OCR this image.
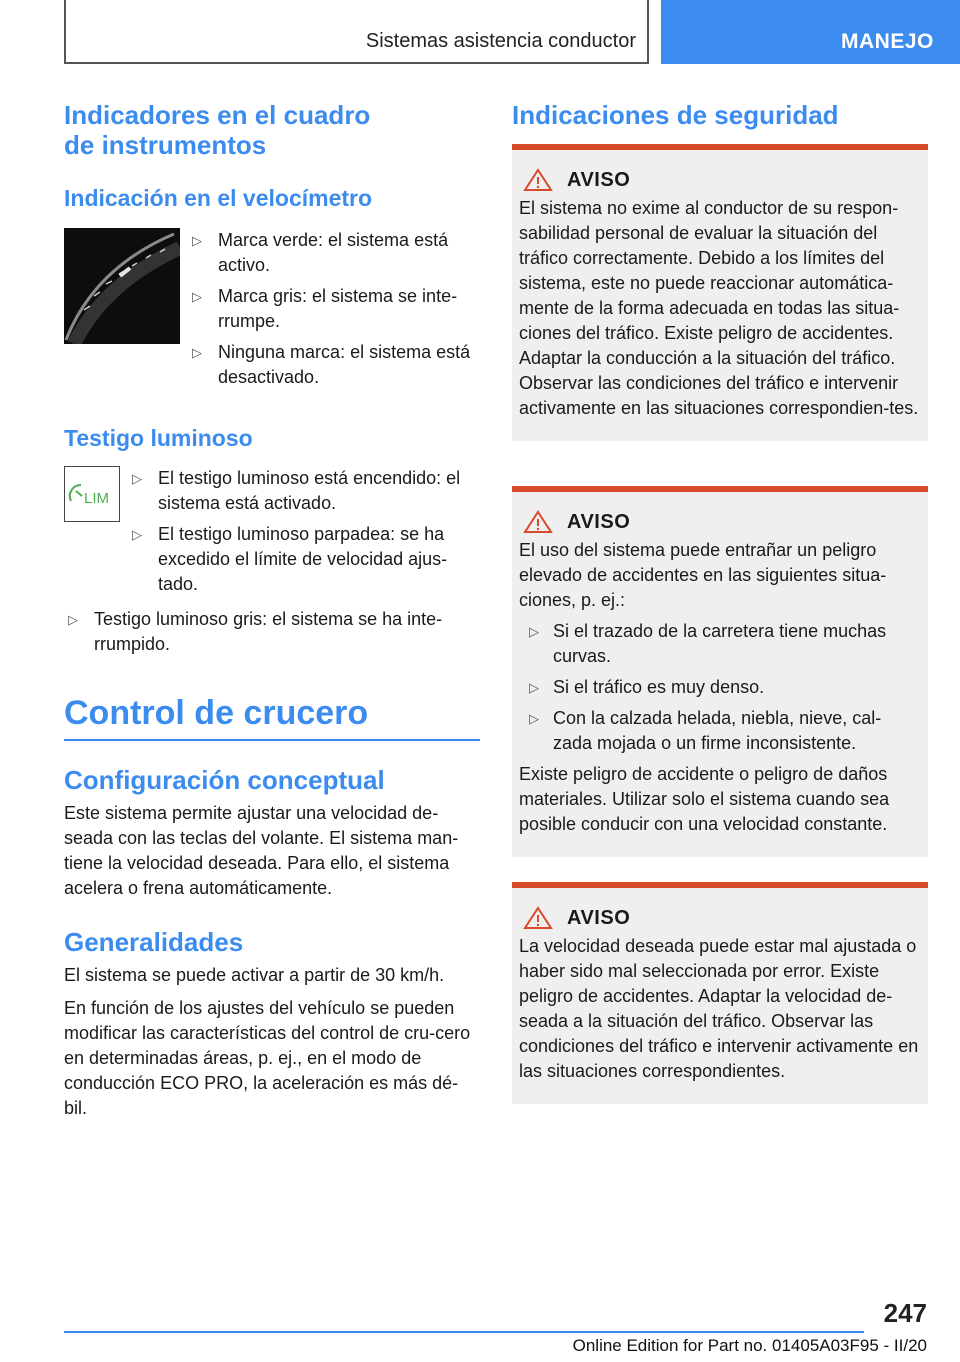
Sistemas asistencia conductor	MANEJO
Indicadores en el cuadro de instrumentos
Indicación en el velocímetro
▷ Marca verde: el sistema está activo.
▷ Marca gris: el sistema se inte‐rrumpe.
▷ Ninguna marca: el sistema está desactivado.
Testigo luminoso
LIM
▷ El testigo luminoso está encendido: el sistema está activado.
▷ El testigo luminoso parpadea: se ha excedido el límite de velocidad ajus‐tado.
▷ Testigo luminoso gris: el sistema se ha inte‐rrumpido.
Control de crucero
Configuración conceptual
Este sistema permite ajustar una velocidad de‐seada con las teclas del volante. El sistema man‐tiene la velocidad deseada. Para ello, el sistema acelera o frena automáticamente.
Generalidades
El sistema se puede activar a partir de 30 km/h.
En función de los ajustes del vehículo se pueden modificar las características del control de cru‐cero en determinadas áreas, p. ej., en el modo de conducción ECO PRO, la aceleración es más dé‐bil.
Indicaciones de seguridad
AVISO
El sistema no exime al conductor de su respon‐sabilidad personal de evaluar la situación del tráfico correctamente. Debido a los límites del sistema, este no puede reaccionar automática‐mente de la forma adecuada en todas las situa‐ciones del tráfico. Existe peligro de accidentes. Adaptar la conducción a la situación del tráfico. Observar las condiciones del tráfico e intervenir activamente en las situaciones correspondien‐tes.
AVISO
El uso del sistema puede entrañar un peligro elevado de accidentes en las siguientes situa‐ciones, p. ej.:
▷ Si el trazado de la carretera tiene muchas curvas.
▷ Si el tráfico es muy denso.
▷ Con la calzada helada, niebla, nieve, cal‐zada mojada o un firme inconsistente.
Existe peligro de accidente o peligro de daños materiales. Utilizar solo el sistema cuando sea posible conducir con una velocidad constante.
AVISO
La velocidad deseada puede estar mal ajustada o haber sido mal seleccionada por error. Existe peligro de accidentes. Adaptar la velocidad de‐seada a la situación del tráfico. Observar las condiciones del tráfico e intervenir activamente en las situaciones correspondientes.
247
Online Edition for Part no. 01405A03F95 - II/20
